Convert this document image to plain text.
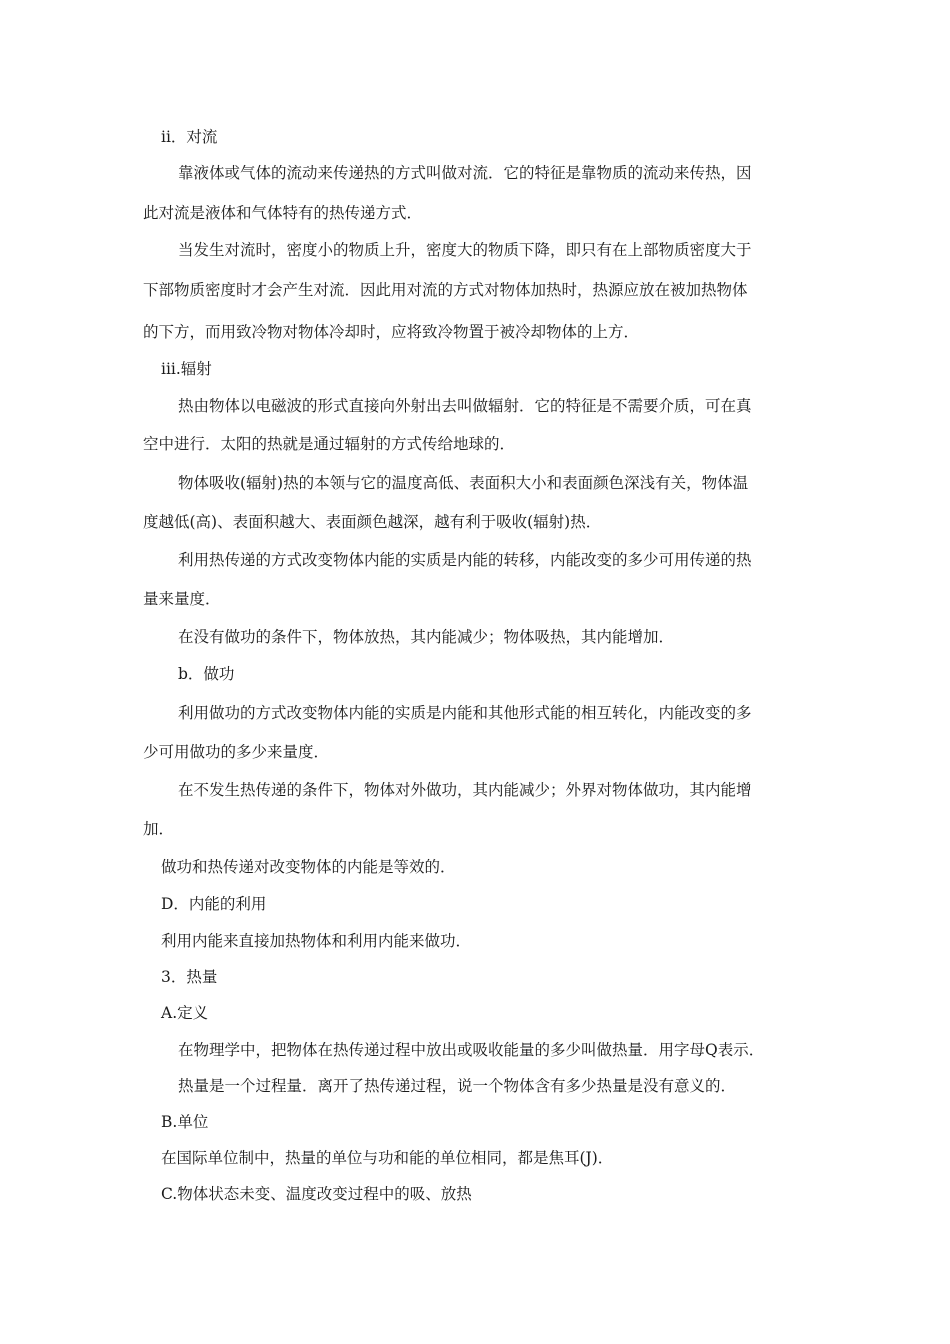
ii．对流
靠液体或气体的流动来传递热的方式叫做对流．它的特征是靠物质的流动来传热，因
此对流是液体和气体特有的热传递方式．
当发生对流时，密度小的物质上升，密度大的物质下降，即只有在上部物质密度大于
下部物质密度时才会产生对流．因此用对流的方式对物体加热时，热源应放在被加热物体
的下方，而用致冷物对物体冷却时，应将致冷物置于被冷却物体的上方．
iii.辐射
热由物体以电磁波的形式直接向外射出去叫做辐射．它的特征是不需要介质，可在真
空中进行．太阳的热就是通过辐射的方式传给地球的．
物体吸收(辐射)热的本领与它的温度高低、表面积大小和表面颜色深浅有关，物体温
度越低(高)、表面积越大、表面颜色越深，越有利于吸收(辐射)热．
利用热传递的方式改变物体内能的实质是内能的转移，内能改变的多少可用传递的热
量来量度．
在没有做功的条件下，物体放热，其内能减少；物体吸热，其内能增加．
b．做功
利用做功的方式改变物体内能的实质是内能和其他形式能的相互转化，内能改变的多
少可用做功的多少来量度．
在不发生热传递的条件下，物体对外做功，其内能减少；外界对物体做功，其内能增
加．
做功和热传递对改变物体的内能是等效的．
D．内能的利用
利用内能来直接加热物体和利用内能来做功．
3．热量
A.定义
在物理学中，把物体在热传递过程中放出或吸收能量的多少叫做热量．用字母Q表示．
热量是一个过程量．离开了热传递过程，说一个物体含有多少热量是没有意义的．
B.单位
在国际单位制中，热量的单位与功和能的单位相同，都是焦耳(J)．
C.物体状态未变、温度改变过程中的吸、放热
